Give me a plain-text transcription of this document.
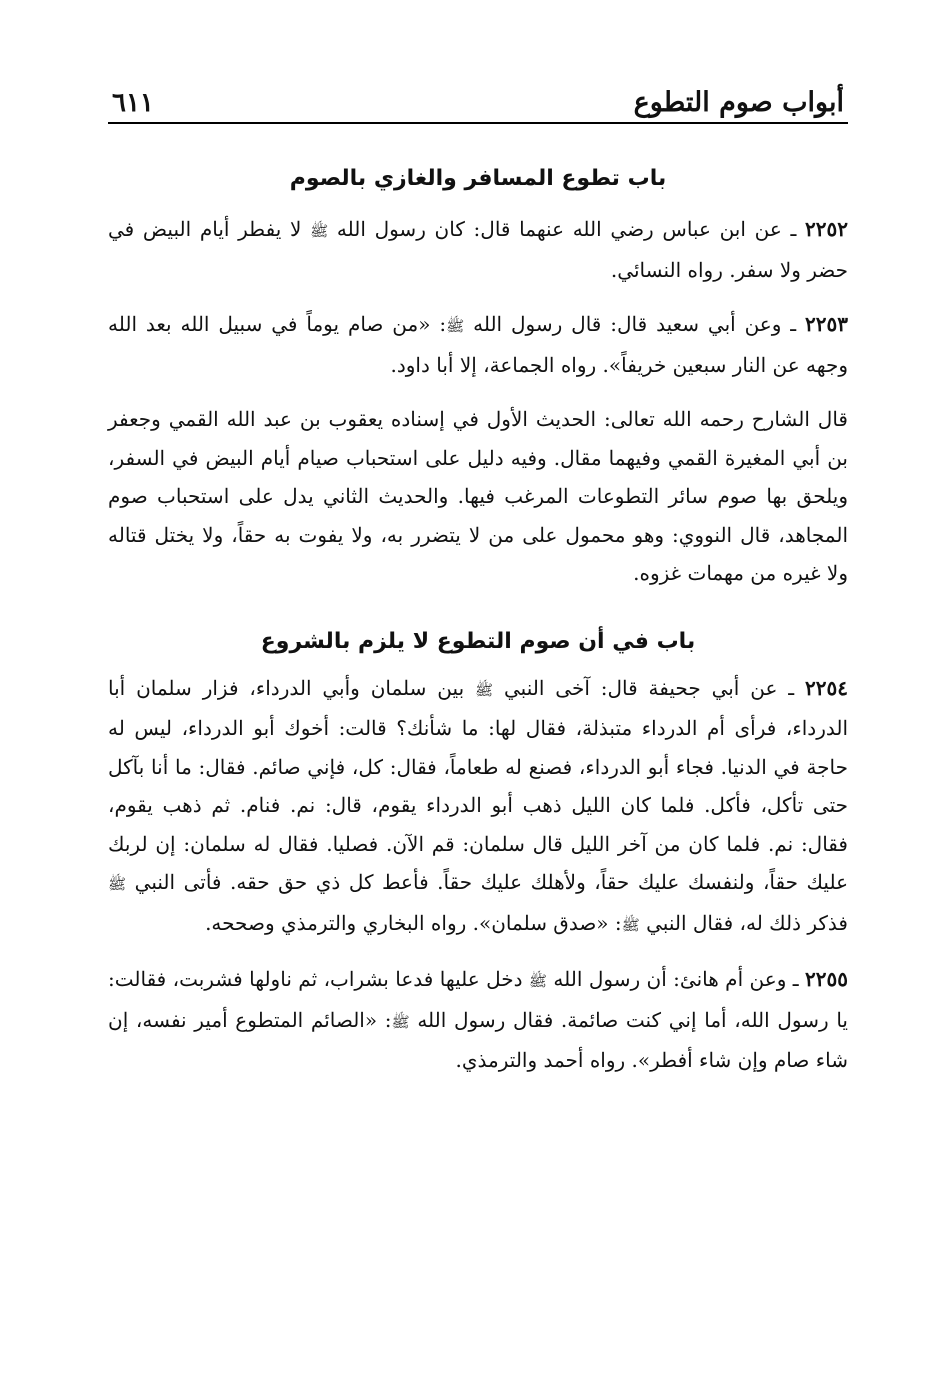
أبواب صوم التطوع
٦١١
باب تطوع المسافر والغازي بالصوم

٢٢٥٢ ـ عن ابن عباس رضي الله عنهما قال: كان رسول الله ﷺ لا يفطر أيام البيض في حضر ولا سفر. رواه النسائي.

٢٢٥٣ ـ وعن أبي سعيد قال: قال رسول الله ﷺ: «من صام يوماً في سبيل الله بعد الله وجهه عن النار سبعين خريفاً». رواه الجماعة، إلا أبا داود.

قال الشارح رحمه الله تعالى: الحديث الأول في إسناده يعقوب بن عبد الله القمي وجعفر بن أبي المغيرة القمي وفيهما مقال. وفيه دليل على استحباب صيام أيام البيض في السفر، ويلحق بها صوم سائر التطوعات المرغب فيها. والحديث الثاني يدل على استحباب صوم المجاهد، قال النووي: وهو محمول على من لا يتضرر به، ولا يفوت به حقاً، ولا يختل قتاله ولا غيره من مهمات غزوه.

باب في أن صوم التطوع لا يلزم بالشروع

٢٢٥٤ ـ عن أبي جحيفة قال: آخى النبي ﷺ بين سلمان وأبي الدرداء، فزار سلمان أبا الدرداء، فرأى أم الدرداء متبذلة، فقال لها: ما شأنك؟ قالت: أخوك أبو الدرداء، ليس له حاجة في الدنيا. فجاء أبو الدرداء، فصنع له طعاماً، فقال: كل، فإني صائم. فقال: ما أنا بآكل حتى تأكل، فأكل. فلما كان الليل ذهب أبو الدرداء يقوم، قال: نم. فنام. ثم ذهب يقوم، فقال: نم. فلما كان من آخر الليل قال سلمان: قم الآن. فصليا. فقال له سلمان: إن لربك عليك حقاً، ولنفسك عليك حقاً، ولأهلك عليك حقاً. فأعط كل ذي حق حقه. فأتى النبي ﷺ فذكر ذلك له، فقال النبي ﷺ: «صدق سلمان». رواه البخاري والترمذي وصححه.

٢٢٥٥ ـ وعن أم هانئ: أن رسول الله ﷺ دخل عليها فدعا بشراب، ثم ناولها فشربت، فقالت: يا رسول الله، أما إني كنت صائمة. فقال رسول الله ﷺ: «الصائم المتطوع أمير نفسه، إن شاء صام وإن شاء أفطر». رواه أحمد والترمذي.
